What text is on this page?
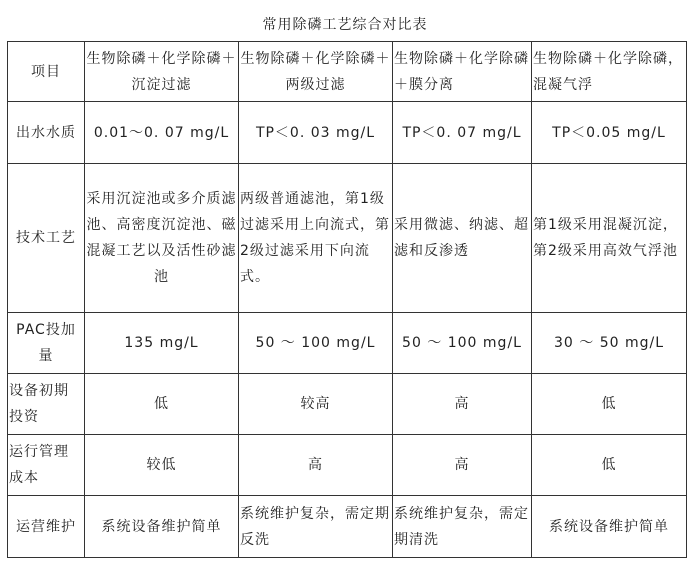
常用除磷工艺综合对比表
项目	生物除磷＋化学除磷＋沉淀过滤	生物除磷＋化学除磷＋两级过滤	生物除磷＋化学除磷＋膜分离	生物除磷＋化学除磷，混凝气浮
出水水质	0.01～0. 07 mg/L	TP＜0. 03 mg/L	TP＜0. 07 mg/L	TP＜0.05 mg/L
技术工艺	采用沉淀池或多介质滤池、高密度沉淀池、磁混凝工艺以及活性砂滤池	两级普通滤池，第1级过滤采用上向流式，第2级过滤采用下向流式。	采用微滤、纳滤、超滤和反渗透	第1级采用混凝沉淀，第2级采用高效气浮池
PAC投加量	135 mg/L	50 ～ 100 mg/L	50 ～ 100 mg/L	30 ～ 50 mg/L
设备初期投资	低	较高	高	低
运行管理成本	较低	高	高	低
运营维护	系统设备维护简单	系统维护复杂，需定期反洗	系统维护复杂，需定期清洗	系统设备维护简单
